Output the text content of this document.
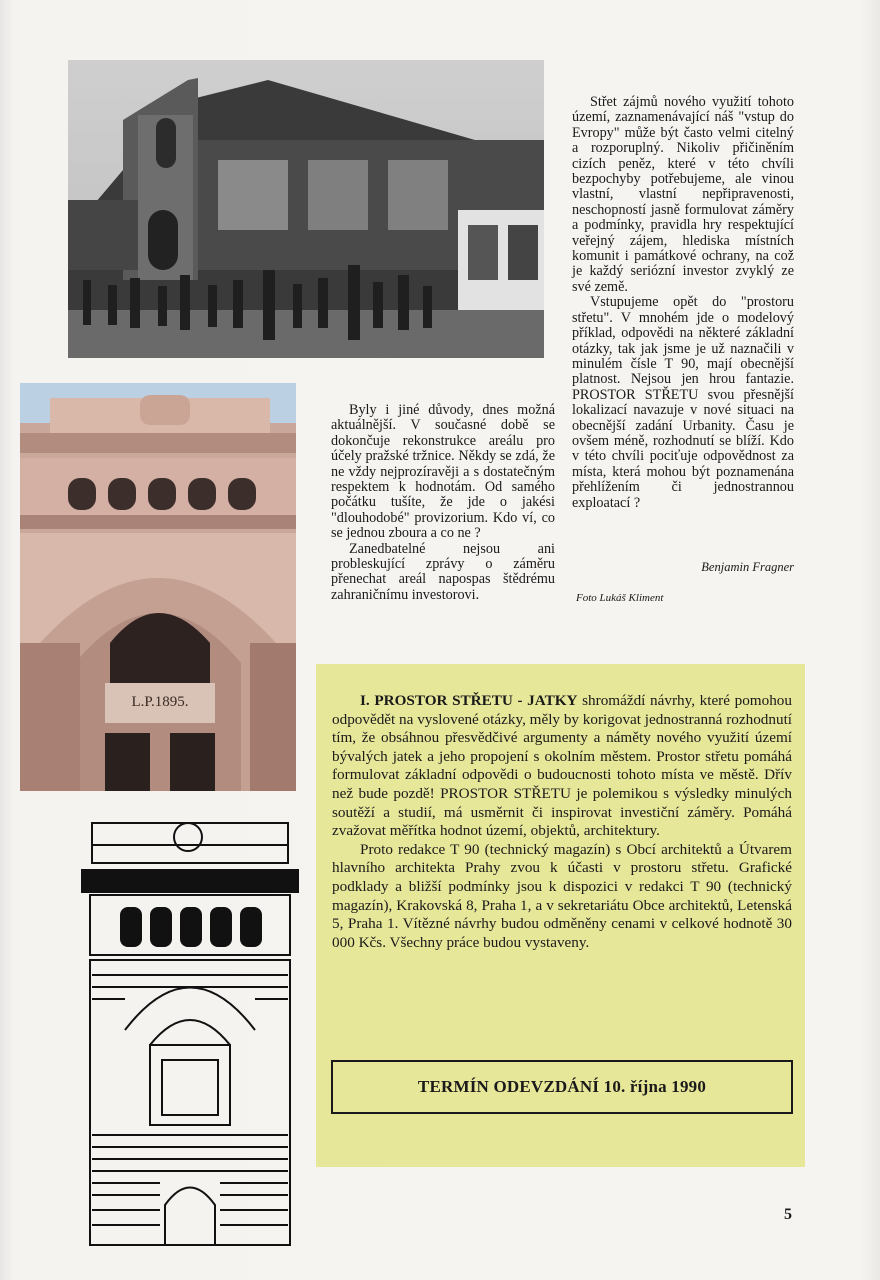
L.P.1895.

Střet zájmů nového využití tohoto území, zaznamenávající náš "vstup do Evropy" může být často velmi citelný a rozporuplný. Nikoliv přičiněním cizích peněz, které v této chvíli bezpochyby potřebujeme, ale vinou vlastní, vlastní nepřipravenosti, neschopností jasně formulovat záměry a podmínky, pravidla hry respektující veřejný zájem, hlediska místních komunit i památkové ochrany, na což je každý seriózní investor zvyklý ze své země.

Vstupujeme opět do "prostoru střetu". V mnohém jde o modelový příklad, odpovědi na některé základní otázky, tak jak jsme je už naznačili v minulém čísle T 90, mají obecnější platnost. Nejsou jen hrou fantazie. PROSTOR STŘETU svou přesnější lokalizací navazuje v nové situaci na obecnější zadání Urbanity. Času je ovšem méně, rozhodnutí se blíží. Kdo v této chvíli pociťuje odpovědnost za místa, která mohou být poznamenána přehlížením či jednostrannou exploatací ?

Byly i jiné důvody, dnes možná aktuálnější. V současné době se dokončuje rekonstrukce areálu pro účely pražské tržnice. Někdy se zdá, že ne vždy nejprozíravěji a s dostatečným respektem k hodnotám. Od samého počátku tušíte, že jde o jakési "dlouhodobé" provizorium. Kdo ví, co se jednou zboura a co ne ?

Zanedbatelné nejsou ani probleskující zprávy o záměru přenechat areál napospas štědrému zahraničnímu investorovi.

Benjamin Fragner
Foto Lukáš Kliment

I. PROSTOR STŘETU - JATKY shromáždí návrhy, které pomohou odpovědět na vyslovené otázky, měly by korigovat jednostranná rozhodnutí tím, že obsáhnou přesvědčivé argumenty a náměty nového využití území bývalých jatek a jeho propojení s okolním městem. Prostor střetu pomáhá formulovat základní odpovědi o budoucnosti tohoto místa ve městě. Dřív než bude pozdě! PROSTOR STŘETU je polemikou s výsledky minulých soutěží a studií, má usměrnit či inspirovat investiční záměry. Pomáhá zvažovat měřítka hodnot území, objektů, architektury.

Proto redakce T 90 (technický magazín) s Obcí architektů a Útvarem hlavního architekta Prahy zvou k účasti v prostoru střetu. Grafické podklady a bližší podmínky jsou k dispozici v redakci T 90 (technický magazín), Krakovská 8, Praha 1, a v sekretariátu Obce architektů, Letenská 5, Praha 1. Vítězné návrhy budou odměněny cenami v celkové hodnotě 30 000 Kčs. Všechny práce budou vystaveny.

TERMÍN ODEVZDÁNÍ 10. října 1990
5
